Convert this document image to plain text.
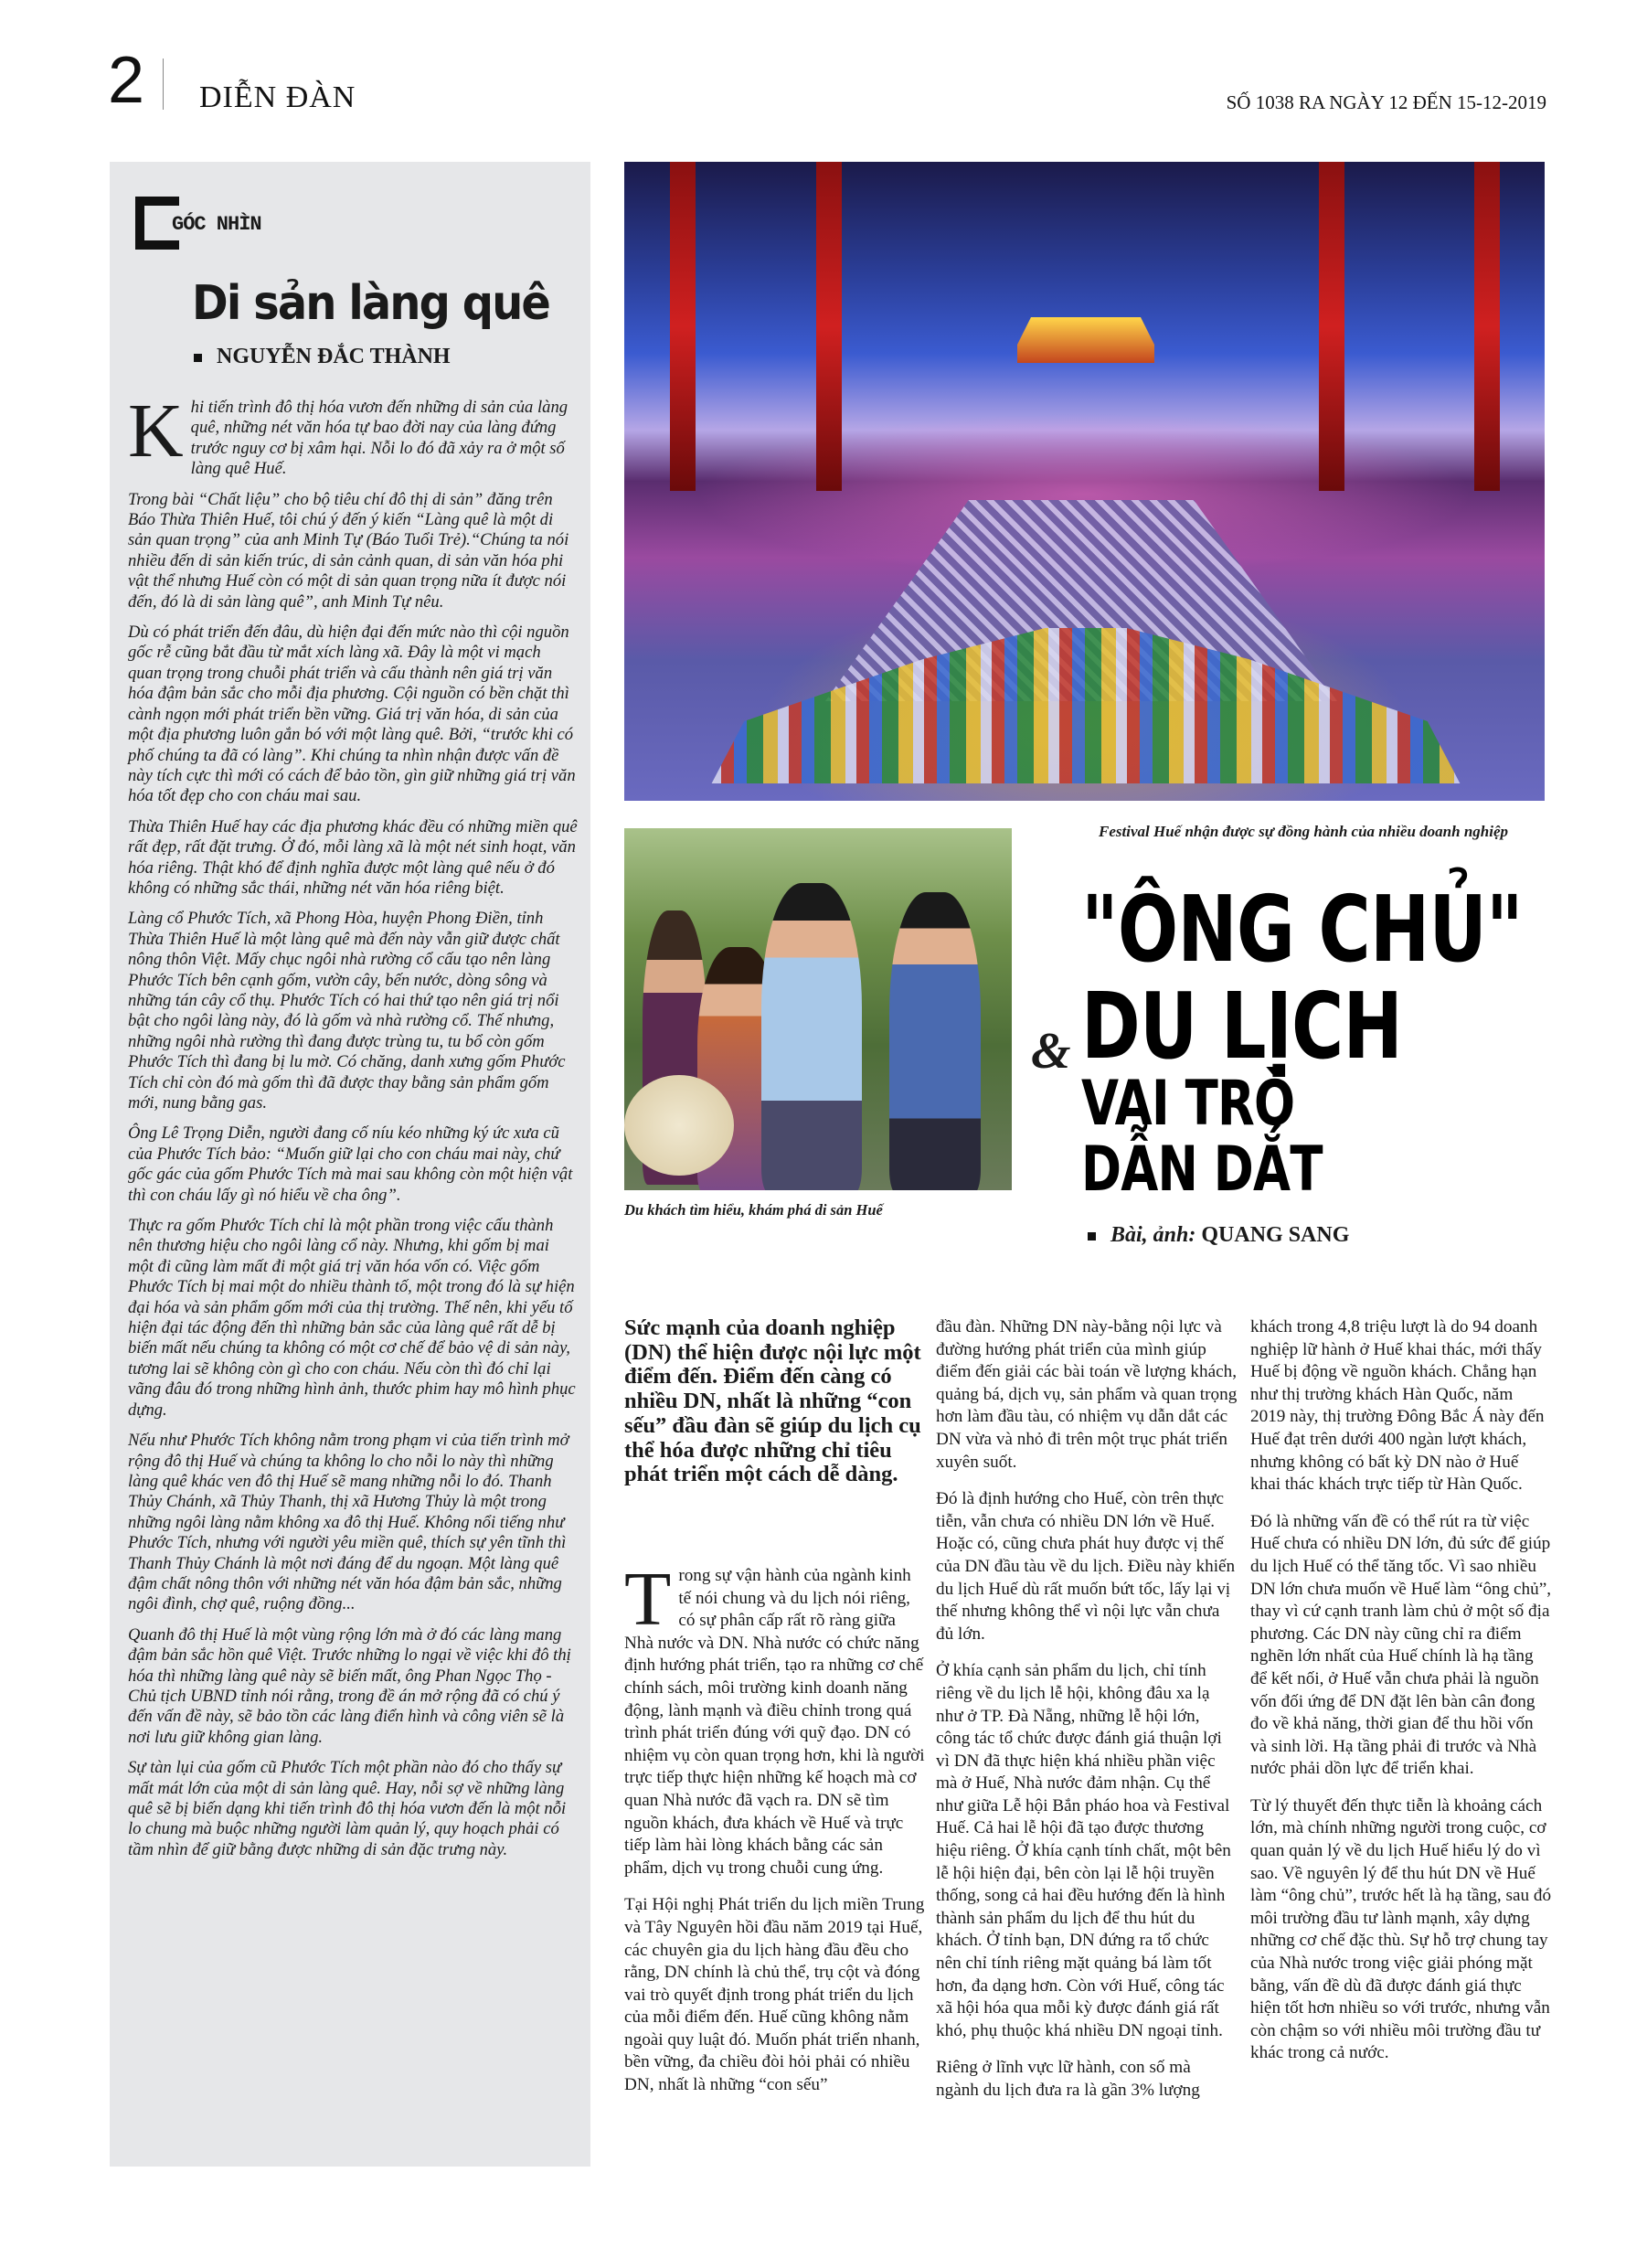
2 DIỄN ĐÀN	SỐ 1038 RA NGÀY 12 ĐẾN 15-12-2019
GÓC NHÌN
Di sản làng quê
NGUYỄN ĐẮC THÀNH

Khi tiến trình đô thị hóa vươn đến những di sản của làng quê, những nét văn hóa tự bao đời nay của làng đứng trước nguy cơ bị xâm hại. Nỗi lo đó đã xảy ra ở một số làng quê Huế.

Trong bài “Chất liệu” cho bộ tiêu chí đô thị di sản” đăng trên Báo Thừa Thiên Huế, tôi chú ý đến ý kiến “Làng quê là một di sản quan trọng” của anh Minh Tự (Báo Tuổi Trẻ).“Chúng ta nói nhiều đến di sản kiến trúc, di sản cảnh quan, di sản văn hóa phi vật thể nhưng Huế còn có một di sản quan trọng nữa ít được nói đến, đó là di sản làng quê”, anh Minh Tự nêu.

Dù có phát triển đến đâu, dù hiện đại đến mức nào thì cội nguồn gốc rễ cũng bắt đầu từ mắt xích làng xã. Đây là một vi mạch quan trọng trong chuỗi phát triển và cấu thành nên giá trị văn hóa đậm bản sắc cho mỗi địa phương. Cội nguồn có bền chặt thì cành ngọn mới phát triển bền vững. Giá trị văn hóa, di sản của một địa phương luôn gắn bó với một làng quê. Bởi, “trước khi có phố chúng ta đã có làng”. Khi chúng ta nhìn nhận được vấn đề này tích cực thì mới có cách để bảo tồn, gìn giữ những giá trị văn hóa tốt đẹp cho con cháu mai sau.

Thừa Thiên Huế hay các địa phương khác đều có những miền quê rất đẹp, rất đặt trưng. Ở đó, mỗi làng xã là một nét sinh hoạt, văn hóa riêng. Thật khó để định nghĩa được một làng quê nếu ở đó không có những sắc thái, những nét văn hóa riêng biệt.

Làng cổ Phước Tích, xã Phong Hòa, huyện Phong Điền, tỉnh Thừa Thiên Huế là một làng quê mà đến này vẫn giữ được chất nông thôn Việt. Mấy chục ngôi nhà rường cổ cấu tạo nên làng Phước Tích bên cạnh gốm, vườn cây, bến nước, dòng sông và những tán cây cổ thụ. Phước Tích có hai thứ tạo nên giá trị nổi bật cho ngôi làng này, đó là gốm và nhà rường cổ. Thế nhưng, những ngôi nhà rường thì đang được trùng tu, tu bổ còn gốm Phước Tích thì đang bị lu mờ. Có chăng, danh xưng gốm Phước Tích chỉ còn đó mà gốm thì đã được thay bằng sản phẩm gốm mới, nung bằng gas.

Ông Lê Trọng Diễn, người đang cố níu kéo những ký ức xưa cũ của Phước Tích bảo: “Muốn giữ lại cho con cháu mai này, chứ gốc gác của gốm Phước Tích mà mai sau không còn một hiện vật thì con cháu lấy gì nó hiểu về cha ông”.

Thực ra gốm Phước Tích chỉ là một phần trong việc cấu thành nên thương hiệu cho ngôi làng cổ này. Nhưng, khi gốm bị mai một đi cũng làm mất đi một giá trị văn hóa vốn có. Việc gốm Phước Tích bị mai một do nhiều thành tố, một trong đó là sự hiện đại hóa và sản phẩm gốm mới của thị trường. Thế nên, khi yếu tố hiện đại tác động đến thì những bản sắc của làng quê rất dễ bị biến mất nếu chúng ta không có một cơ chế để bảo vệ di sản này, tương lai sẽ không còn gì cho con cháu. Nếu còn thì đó chỉ lại vãng đâu đó trong những hình ảnh, thước phim hay mô hình phục dựng.

Nếu như Phước Tích không nằm trong phạm vi của tiến trình mở rộng đô thị Huế và chúng ta không lo cho nỗi lo này thì những làng quê khác ven đô thị Huế sẽ mang những nỗi lo đó. Thanh Thủy Chánh, xã Thủy Thanh, thị xã Hương Thủy là một trong những ngôi làng nằm không xa đô thị Huế. Không nổi tiếng như Phước Tích, nhưng với người yêu miền quê, thích sự yên tĩnh thì Thanh Thủy Chánh là một nơi đáng để du ngoạn. Một làng quê đậm chất nông thôn với những nét văn hóa đậm bản sắc, những ngôi đình, chợ quê, ruộng đồng...

Quanh đô thị Huế là một vùng rộng lớn mà ở đó các làng mang đậm bản sắc hồn quê Việt. Trước những lo ngại về việc khi đô thị hóa thì những làng quê này sẽ biến mất, ông Phan Ngọc Thọ - Chủ tịch UBND tỉnh nói rằng, trong đề án mở rộng đã có chú ý đến vấn đề này, sẽ bảo tồn các làng điển hình và công viên sẽ là nơi lưu giữ không gian làng.

Sự tàn lụi của gốm cũ Phước Tích một phần nào đó cho thấy sự mất mát lớn của một di sản làng quê. Hay, nỗi sợ về những làng quê sẽ bị biến dạng khi tiến trình đô thị hóa vươn đến là một nỗi lo chung mà buộc những người làm quản lý, quy hoạch phải có tầm nhìn để giữ bằng được những di sản đặc trưng này.

Festival Huế nhận được sự đồng hành của nhiều doanh nghiệp
Du khách tìm hiểu, khám phá di sản Huế
"ÔNG CHỦ"
DU LỊCH
&
VAI TRÒ
DẪN DẮT
Bài, ảnh: QUANG SANG
Sức mạnh của doanh nghiệp (DN) thể hiện được nội lực một điểm đến. Điểm đến càng có nhiều DN, nhất là những “con sếu” đầu đàn sẽ giúp du lịch cụ thể hóa được những chỉ tiêu phát triển một cách dễ dàng.

Trong sự vận hành của ngành kinh tế nói chung và du lịch nói riêng, có sự phân cấp rất rõ ràng giữa Nhà nước và DN. Nhà nước có chức năng định hướng phát triển, tạo ra những cơ chế chính sách, môi trường kinh doanh năng động, lành mạnh và điều chỉnh trong quá trình phát triển đúng với quỹ đạo. DN có nhiệm vụ còn quan trọng hơn, khi là người trực tiếp thực hiện những kế hoạch mà cơ quan Nhà nước đã vạch ra. DN sẽ tìm nguồn khách, đưa khách về Huế và trực tiếp làm hài lòng khách bằng các sản phẩm, dịch vụ trong chuỗi cung ứng.

Tại Hội nghị Phát triển du lịch miền Trung và Tây Nguyên hồi đầu năm 2019 tại Huế, các chuyên gia du lịch hàng đầu đều cho rằng, DN chính là chủ thể, trụ cột và đóng vai trò quyết định trong phát triển du lịch của mỗi điểm đến. Huế cũng không nằm ngoài quy luật đó. Muốn phát triển nhanh, bền vững, đa chiều đòi hỏi phải có nhiều DN, nhất là những “con sếu”

đầu đàn. Những DN này-bằng nội lực và đường hướng phát triển của mình giúp điểm đến giải các bài toán về lượng khách, quảng bá, dịch vụ, sản phẩm và quan trọng hơn làm đầu tàu, có nhiệm vụ dẫn dắt các DN vừa và nhỏ đi trên một trục phát triển xuyên suốt.

Đó là định hướng cho Huế, còn trên thực tiễn, vẫn chưa có nhiều DN lớn về Huế. Hoặc có, cũng chưa phát huy được vị thế của DN đầu tàu về du lịch. Điều này khiến du lịch Huế dù rất muốn bứt tốc, lấy lại vị thế nhưng không thể vì nội lực vẫn chưa đủ lớn.

Ở khía cạnh sản phẩm du lịch, chỉ tính riêng về du lịch lễ hội, không đâu xa lạ như ở TP. Đà Nẵng, những lễ hội lớn, công tác tổ chức được đánh giá thuận lợi vì DN đã thực hiện khá nhiều phần việc mà ở Huế, Nhà nước đảm nhận. Cụ thể như giữa Lễ hội Bắn pháo hoa và Festival Huế. Cả hai lễ hội đã tạo được thương hiệu riêng. Ở khía cạnh tính chất, một bên lễ hội hiện đại, bên còn lại lễ hội truyền thống, song cả hai đều hướng đến là hình thành sản phẩm du lịch để thu hút du khách. Ở tỉnh bạn, DN đứng ra tổ chức nên chỉ tính riêng mặt quảng bá làm tốt hơn, đa dạng hơn. Còn với Huế, công tác xã hội hóa qua mỗi kỳ được đánh giá rất khó, phụ thuộc khá nhiều DN ngoại tỉnh.

Riêng ở lĩnh vực lữ hành, con số mà ngành du lịch đưa ra là gần 3% lượng

khách trong 4,8 triệu lượt là do 94 doanh nghiệp lữ hành ở Huế khai thác, mới thấy Huế bị động về nguồn khách. Chẳng hạn như thị trường khách Hàn Quốc, năm 2019 này, thị trường Đông Bắc Á này đến Huế đạt trên dưới 400 ngàn lượt khách, nhưng không có bất kỳ DN nào ở Huế khai thác khách trực tiếp từ Hàn Quốc.

Đó là những vấn đề có thể rút ra từ việc Huế chưa có nhiều DN lớn, đủ sức để giúp du lịch Huế có thể tăng tốc. Vì sao nhiều DN lớn chưa muốn về Huế làm “ông chủ”, thay vì cứ cạnh tranh làm chủ ở một số địa phương. Các DN này cũng chỉ ra điểm nghẽn lớn nhất của Huế chính là hạ tầng để kết nối, ở Huế vẫn chưa phải là nguồn vốn đối ứng để DN đặt lên bàn cân đong đo về khả năng, thời gian để thu hồi vốn và sinh lời. Hạ tầng phải đi trước và Nhà nước phải dồn lực để triển khai.

Từ lý thuyết đến thực tiễn là khoảng cách lớn, mà chính những người trong cuộc, cơ quan quản lý về du lịch Huế hiểu lý do vì sao. Về nguyên lý để thu hút DN về Huế làm “ông chủ”, trước hết là hạ tầng, sau đó môi trường đầu tư lành mạnh, xây dựng những cơ chế đặc thù. Sự hỗ trợ chung tay của Nhà nước trong việc giải phóng mặt bằng, vấn đề dù đã được đánh giá thực hiện tốt hơn nhiều so với trước, nhưng vẫn còn chậm so với nhiều môi trường đầu tư khác trong cả nước.
